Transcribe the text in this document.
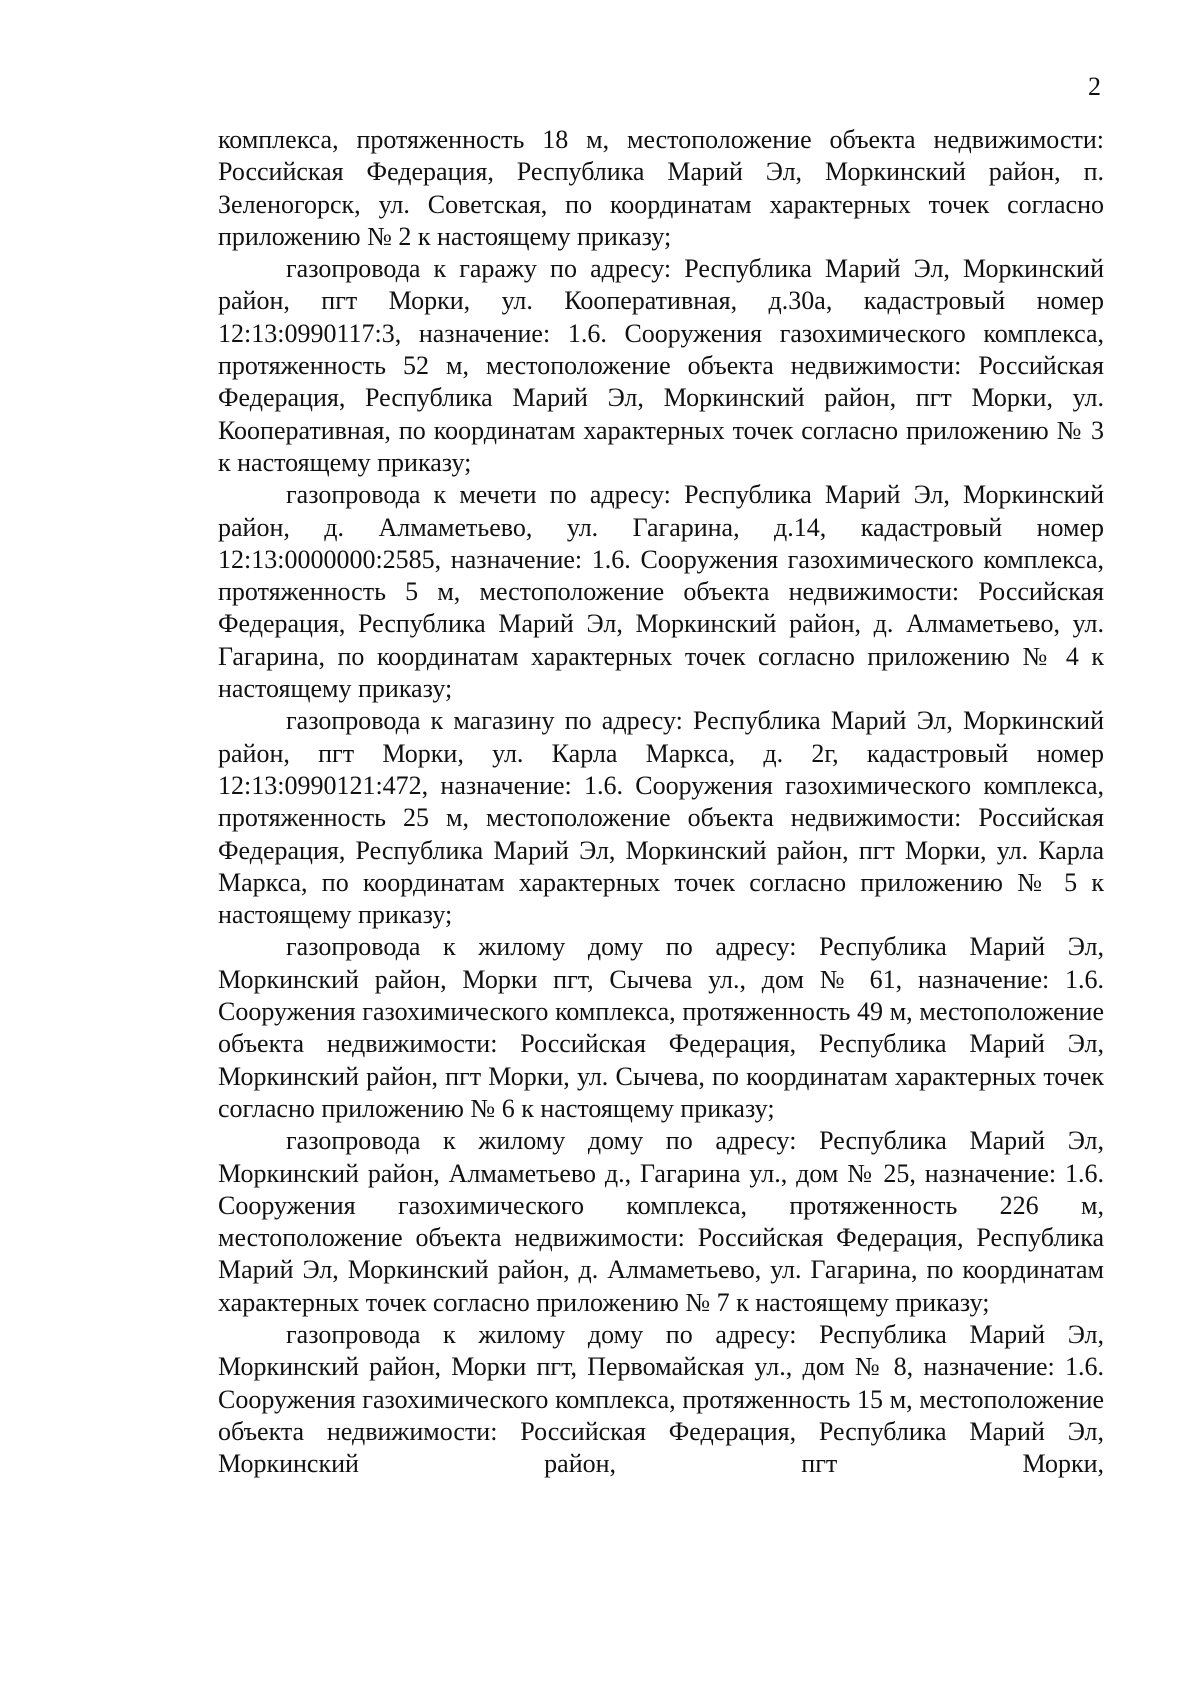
2

комплекса, протяженность 18 м, местоположение объекта недвижимости: Российская Федерация, Республика Марий Эл, Моркинский район, п. Зеленогорск, ул. Советская, по координатам характерных точек согласно приложению № 2 к настоящему приказу;

газопровода к гаражу по адресу: Республика Марий Эл, Моркинский район, пгт Морки, ул. Кооперативная, д.30а, кадастровый номер 12:13:0990117:3, назначение: 1.6. Сооружения газохимического комплекса, протяженность 52 м, местоположение объекта недвижимости: Российская Федерация, Республика Марий Эл, Моркинский район, пгт Морки, ул. Кооперативная, по координатам характерных точек согласно приложению № 3 к настоящему приказу;

газопровода к мечети по адресу: Республика Марий Эл, Моркинский район, д. Алмаметьево, ул. Гагарина, д.14, кадастровый номер 12:13:0000000:2585, назначение: 1.6. Сооружения газохимического комплекса, протяженность 5 м, местоположение объекта недвижимости: Российская Федерация, Республика Марий Эл, Моркинский район, д. Алмаметьево, ул. Гагарина, по координатам характерных точек согласно приложению № 4 к настоящему приказу;

газопровода к магазину по адресу: Республика Марий Эл, Моркинский район, пгт Морки, ул. Карла Маркса, д. 2г, кадастровый номер 12:13:0990121:472, назначение: 1.6. Сооружения газохимического комплекса, протяженность 25 м, местоположение объекта недвижимости: Российская Федерация, Республика Марий Эл, Моркинский район, пгт Морки, ул. Карла Маркса, по координатам характерных точек согласно приложению № 5 к настоящему приказу;

газопровода к жилому дому по адресу: Республика Марий Эл, Моркинский район, Морки пгт, Сычева ул., дом № 61, назначение: 1.6. Сооружения газохимического комплекса, протяженность 49 м, местоположение объекта недвижимости: Российская Федерация, Республика Марий Эл, Моркинский район, пгт Морки, ул. Сычева, по координатам характерных точек согласно приложению № 6 к настоящему приказу;

газопровода к жилому дому по адресу: Республика Марий Эл, Моркинский район, Алмаметьево д., Гагарина ул., дом № 25, назначение: 1.6. Сооружения газохимического комплекса, протяженность 226 м, местоположение объекта недвижимости: Российская Федерация, Республика Марий Эл, Моркинский район, д. Алмаметьево, ул. Гагарина, по координатам характерных точек согласно приложению № 7 к настоящему приказу;

газопровода к жилому дому по адресу: Республика Марий Эл, Моркинский район, Морки пгт, Первомайская ул., дом № 8, назначение: 1.6. Сооружения газохимического комплекса, протяженность 15 м, местоположение объекта недвижимости: Российская Федерация, Республика Марий Эл, Моркинский район, пгт Морки,
